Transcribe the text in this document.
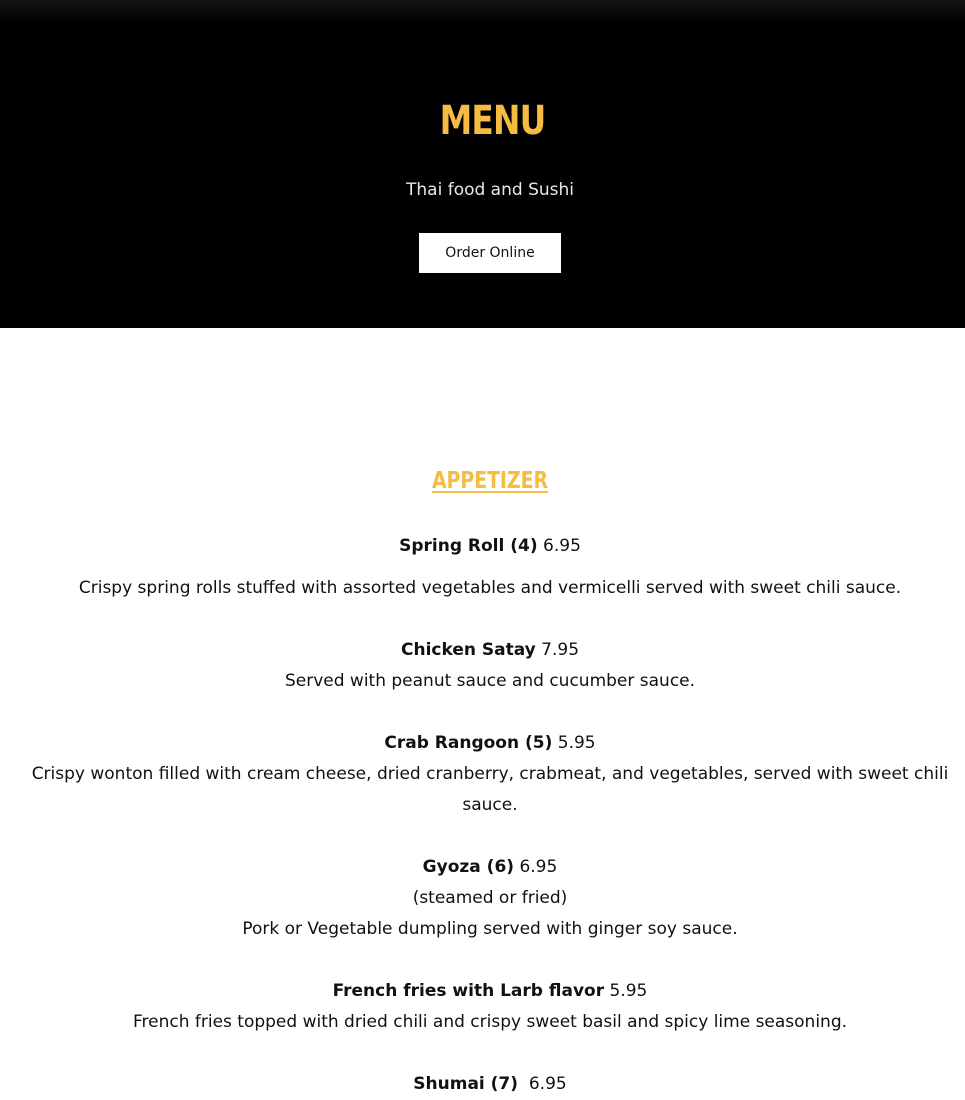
MENU
Thai food and Sushi
Order Online
APPETIZER
Spring Roll (4) 6.95
Crispy spring rolls stuffed with assorted vegetables and vermicelli served with sweet chili sauce.
Chicken Satay 7.95
Served with peanut sauce and cucumber sauce.
Crab Rangoon (5) 5.95
Crispy wonton filled with cream cheese, dried cranberry, crabmeat, and vegetables, served with sweet chili sauce.
Gyoza (6) 6.95
(steamed or fried)
Pork or Vegetable dumpling served with ginger soy sauce.
French fries with Larb flavor 5.95
French fries topped with dried chili and crispy sweet basil and spicy lime seasoning.
Shumai (7) 6.95
